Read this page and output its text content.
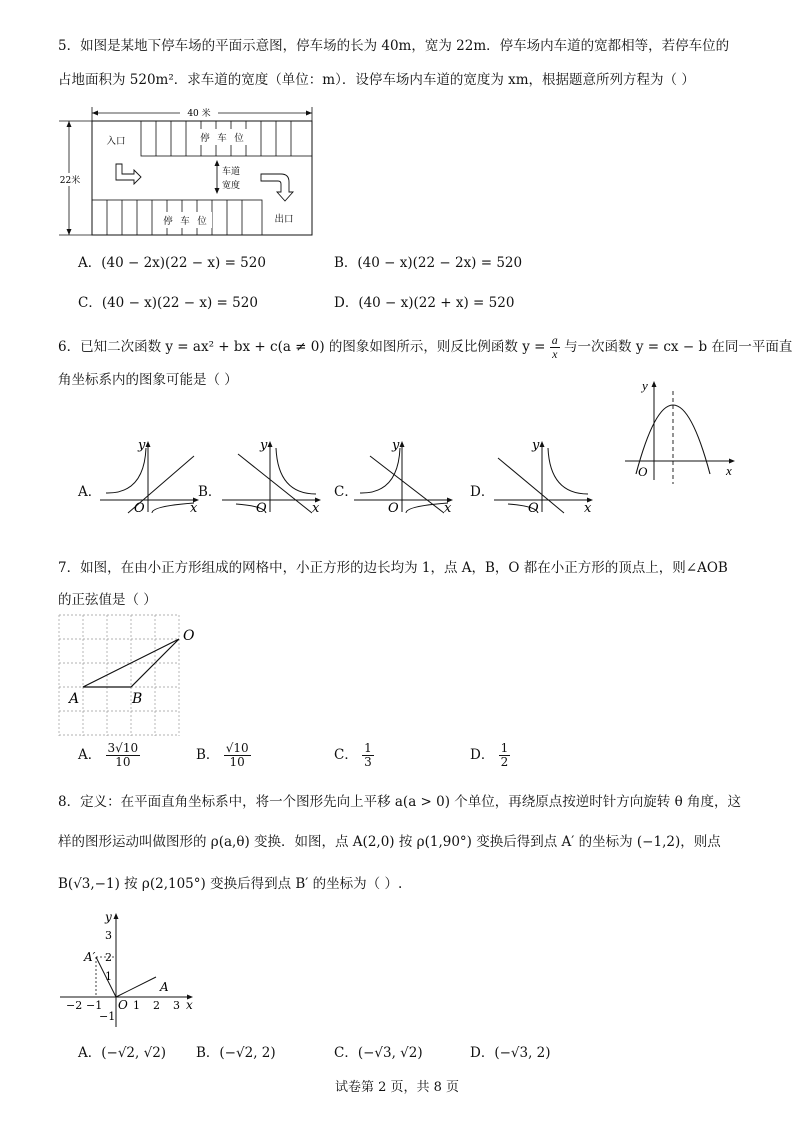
5．如图是某地下停车场的平面示意图，停车场的长为 40m，宽为 22m．停车场内车道的宽都相等，若停车位的
占地面积为 520m²．求车道的宽度（单位：m）．设停车场内车道的宽度为 xm，根据题意所列方程为（ ）
40 米
22米
停 车 位
停 车 位
入口
出口
车道
宽度
A．(40 − 2x)(22 − x) = 520	B．(40 − x)(22 − 2x) = 520
C．(40 − x)(22 − x) = 520	D．(40 − x)(22 + x) = 520
6．已知二次函数 y = ax² + bx + c(a ≠ 0) 的图象如图所示，则反比例函数 $y = \frac{a}{x}$ 与一次函数 y = cx − b 在同一平面直
角坐标系内的图象可能是（ ）	y
x
O
A．
y
x
O
B．
y
x
O
C．
y
x
O
D．
y
x
O
7．如图，在由小正方形组成的网格中，小正方形的边长均为 1，点 A，B，O 都在小正方形的顶点上，则∠AOB
的正弦值是（ ）
A	B
O
A． $\frac{3√10}{10}$	B． $\frac{√10}{10}$	C． $\frac{1}{3}$	D． $\frac{1}{2}$
8．定义：在平面直角坐标系中，将一个图形先向上平移 a(a > 0) 个单位，再绕原点按逆时针方向旋转 θ 角度，这
样的图形运动叫做图形的 ρ(a,θ) 变换．如图，点 A(2,0) 按 ρ(1,90°) 变换后得到点 A′ 的坐标为 (−1,2)，则点
B(√3,−1) 按 ρ(2,105°) 变换后得到点 B′ 的坐标为（ ）.
−2 −1	1 2 3
3
2
1
−1
y
x
O
A
A′
A．(−√2, √2) B．(−√2, 2)	C．(−√3, √2)	D．(−√3, 2)
试卷第 2 页，共 8 页
